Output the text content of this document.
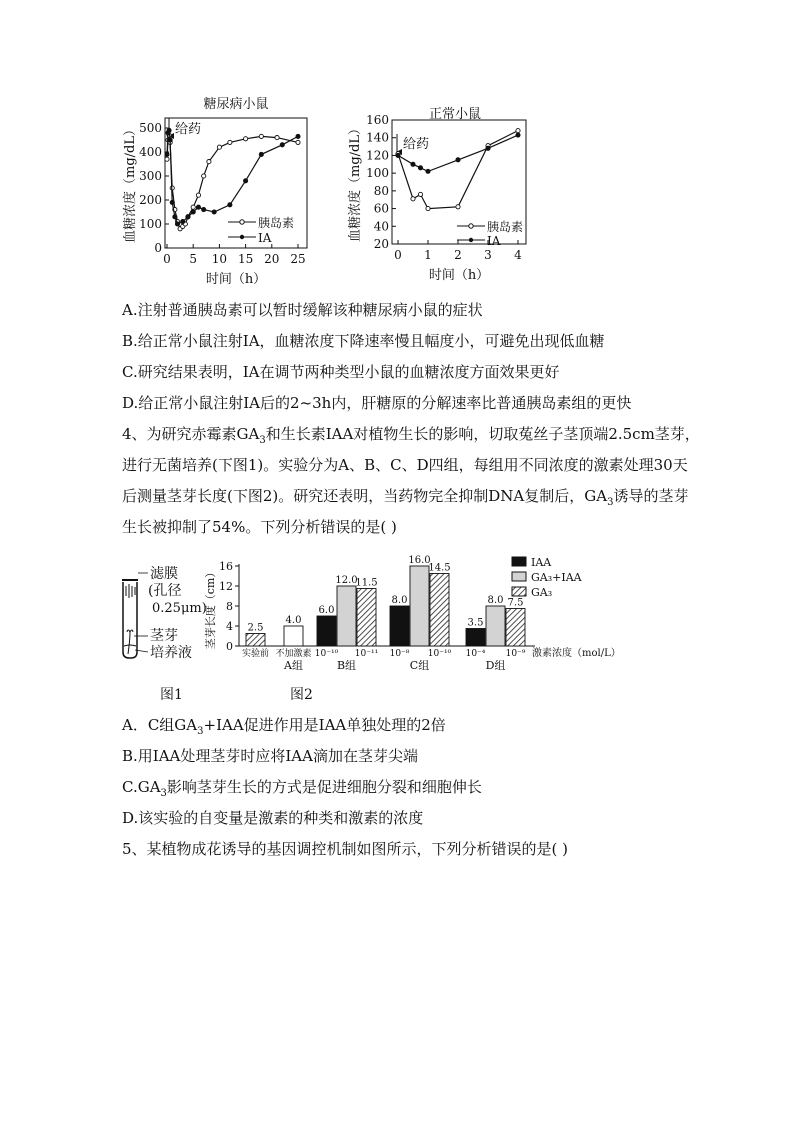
糖尿病小鼠
0
100
200
300
400
500
0 5 10 15 20 25
血糖浓度（mg/dL）
时间（h）
给药
胰岛素
IA
正常小鼠
20
40
60
80
100
120
140
160
0 1 2 3 4
血糖浓度（mg/dL）
时间（h）
给药
胰岛素
IA
A.注射普通胰岛素可以暂时缓解该种糖尿病小鼠的症状
B.给正常小鼠注射IA，血糖浓度下降速率慢且幅度小，可避免出现低血糖
C.研究结果表明，IA在调节两种类型小鼠的血糖浓度方面效果更好
D.给正常小鼠注射IA后的2~3h内，肝糖原的分解速率比普通胰岛素组的更快
4、为研究赤霉素$GA_3$和生长素IAA对植物生长的影响，切取菟丝子茎顶端2.5cm茎芽，
进行无菌培养(下图1)。实验分为A、B、C、D四组，每组用不同浓度的激素处理30天
后测量茎芽长度(下图2)。研究还表明，当药物完全抑制DNA复制后，$GA_3$诱导的茎芽
生长被抑制了54%。下列分析错误的是( )
滤膜
(孔径
0.25μm)
茎芽
培养液
茎芽长度（cm） 0
4
8
12
16
2.5
实验前
4.0
不加激素
A组
6.0
10⁻¹⁰
12.0
11.5
10⁻¹¹
B组
8.0
10⁻⁸
16.0
14.5
10⁻¹⁰
C组
3.5
10⁻⁴
8.0 7.5
10⁻⁹
D组
激素浓度（mol/L）
IAA
GA₃+IAA
GA₃
图1	图2
A．C组$GA_3+IAA$促进作用是IAA单独处理的2倍
B.用IAA处理茎芽时应将IAA滴加在茎芽尖端
$C.GA_3$影响茎芽生长的方式是促进细胞分裂和细胞伸长
D.该实验的自变量是激素的种类和激素的浓度
5、某植物成花诱导的基因调控机制如图所示，下列分析错误的是( )
